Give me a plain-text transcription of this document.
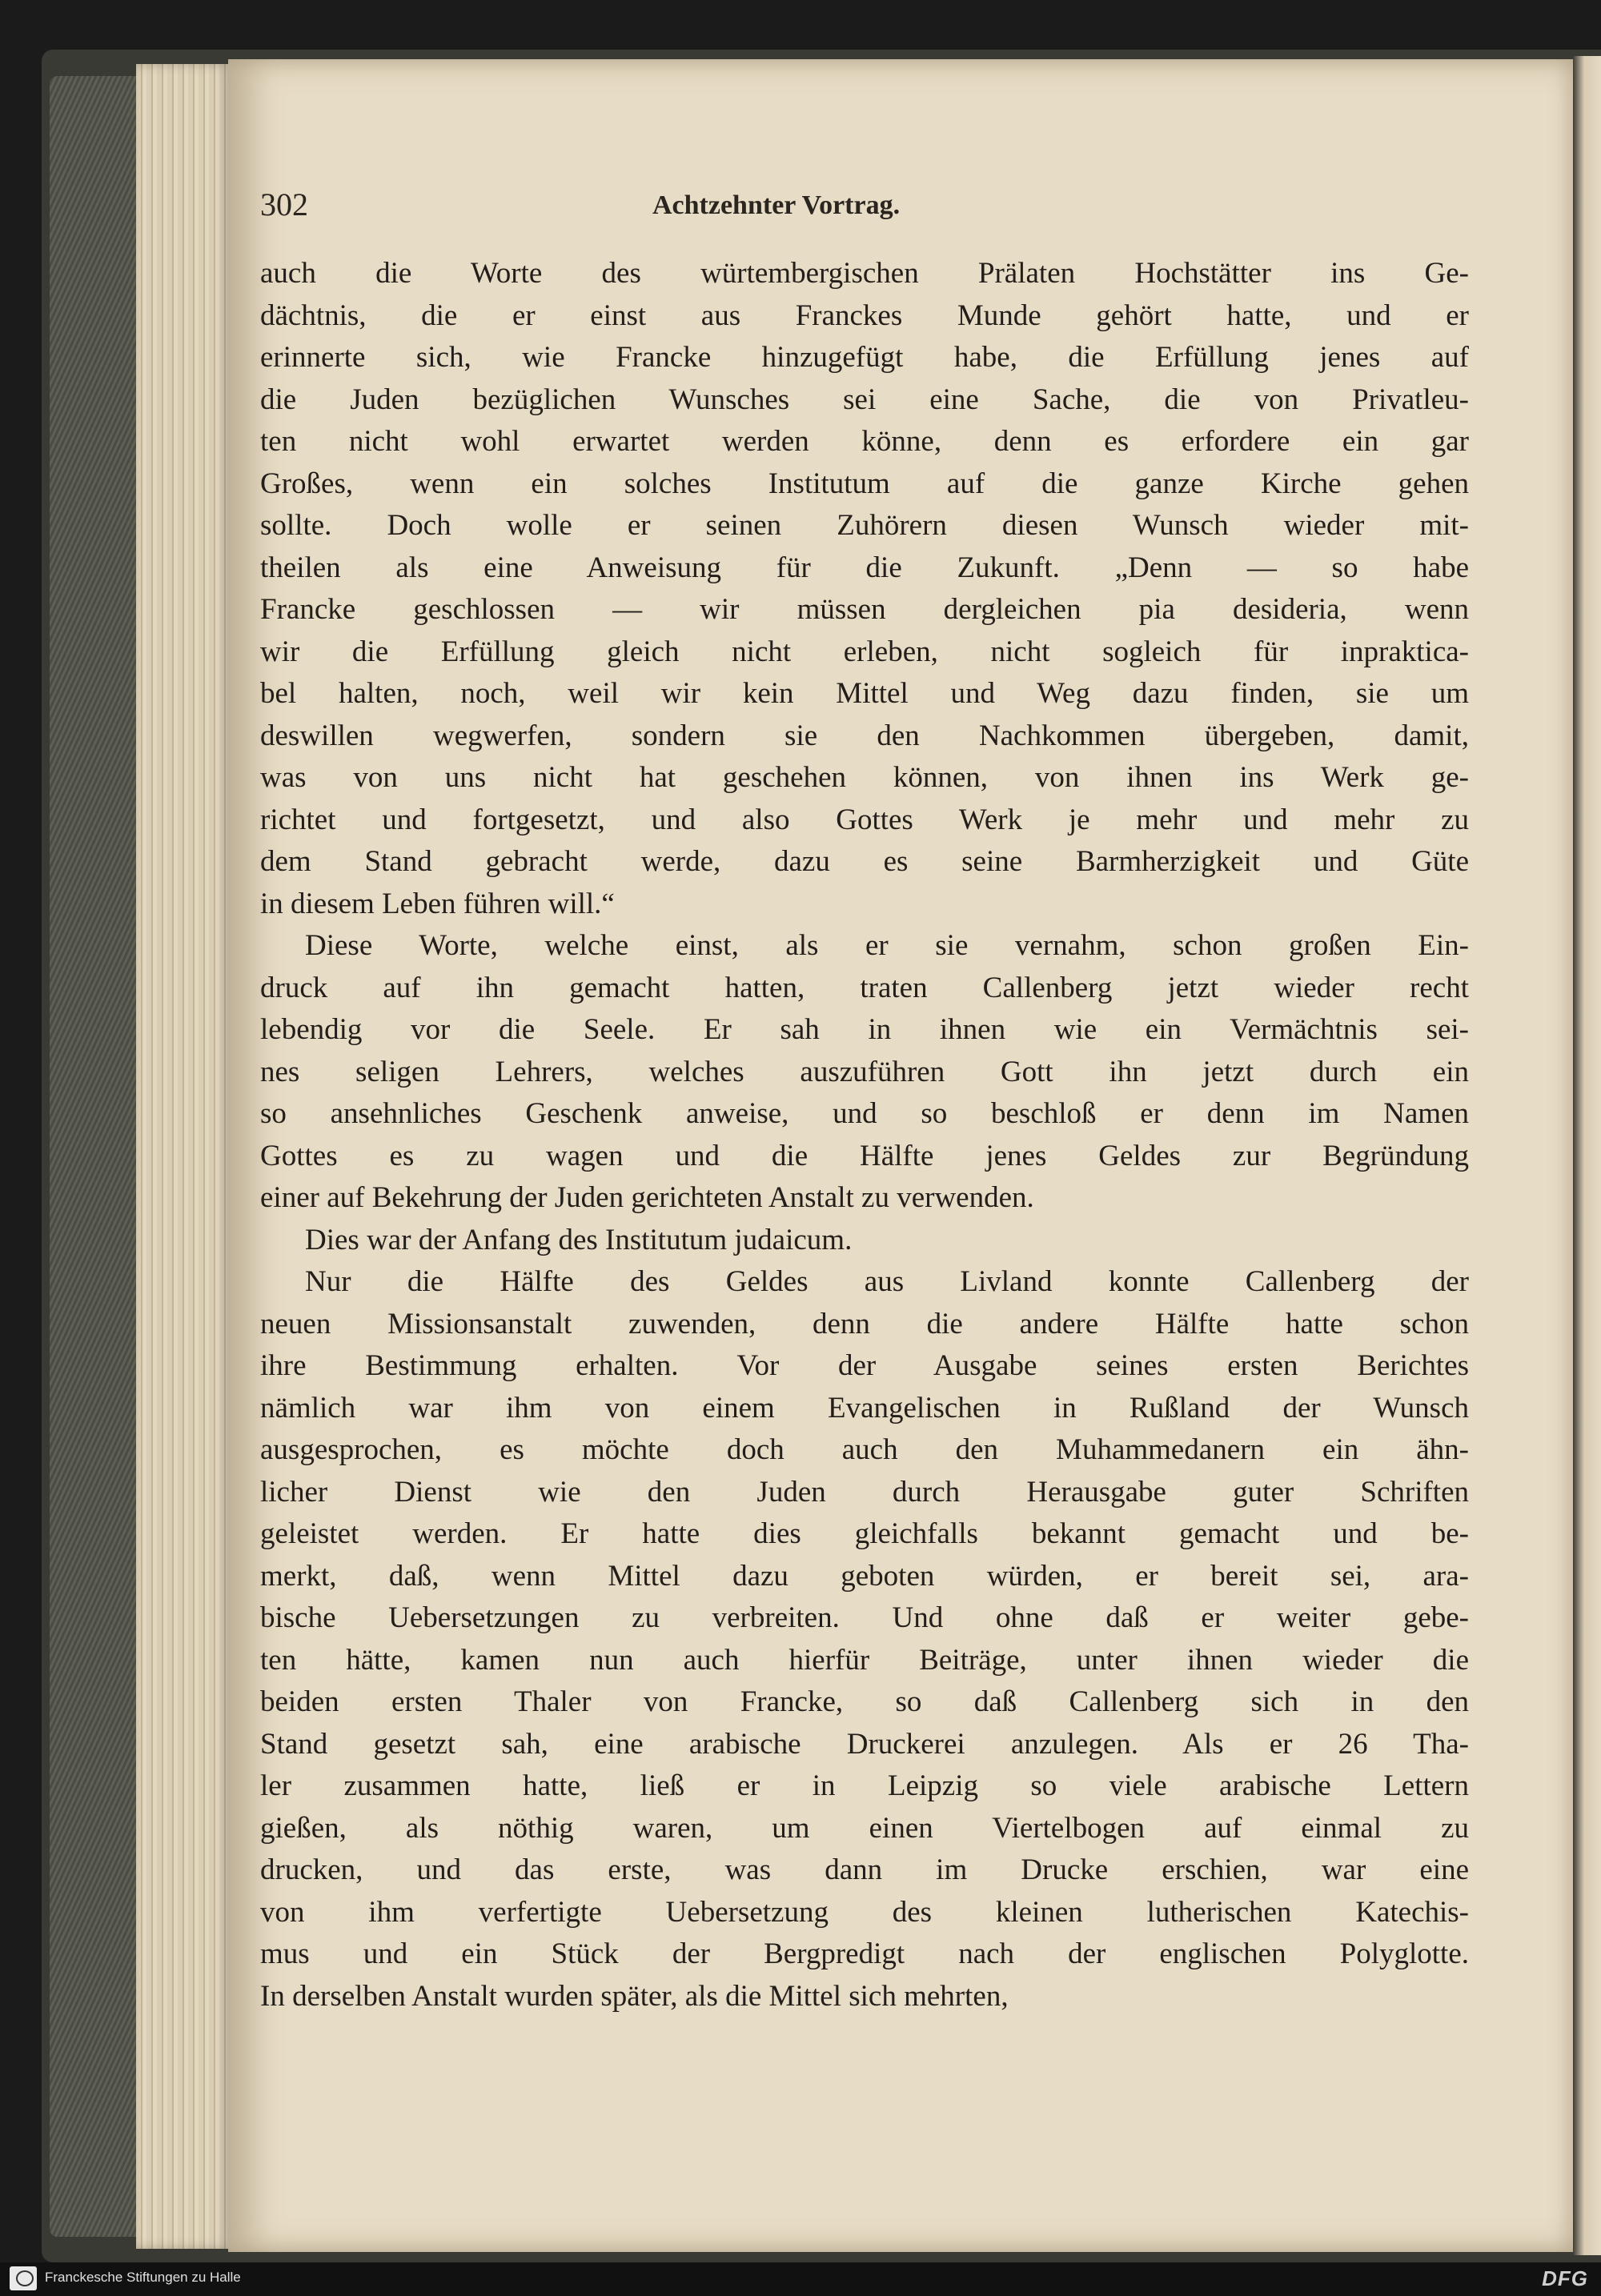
302	Achtzehnter Vortrag.
auch die Worte des würtembergischen Prälaten Hochstätter ins Ge-
dächtnis, die er einst aus Franckes Munde gehört hatte, und er
erinnerte sich, wie Francke hinzugefügt habe, die Erfüllung jenes auf
die Juden bezüglichen Wunsches sei eine Sache, die von Privatleu-
ten nicht wohl erwartet werden könne, denn es erfordere ein gar
Großes, wenn ein solches Institutum auf die ganze Kirche gehen
sollte. Doch wolle er seinen Zuhörern diesen Wunsch wieder mit-
theilen als eine Anweisung für die Zukunft. „Denn — so habe
Francke geschlossen — wir müssen dergleichen pia desideria, wenn
wir die Erfüllung gleich nicht erleben, nicht sogleich für inpraktica-
bel halten, noch, weil wir kein Mittel und Weg dazu finden, sie um
deswillen wegwerfen, sondern sie den Nachkommen übergeben, damit,
was von uns nicht hat geschehen können, von ihnen ins Werk ge-
richtet und fortgesetzt, und also Gottes Werk je mehr und mehr zu
dem Stand gebracht werde, dazu es seine Barmherzigkeit und Güte
in diesem Leben führen will.“
Diese Worte, welche einst, als er sie vernahm, schon großen Ein-
druck auf ihn gemacht hatten, traten Callenberg jetzt wieder recht
lebendig vor die Seele. Er sah in ihnen wie ein Vermächtnis sei-
nes seligen Lehrers, welches auszuführen Gott ihn jetzt durch ein
so ansehnliches Geschenk anweise, und so beschloß er denn im Namen
Gottes es zu wagen und die Hälfte jenes Geldes zur Begründung
einer auf Bekehrung der Juden gerichteten Anstalt zu verwenden.
Dies war der Anfang des Institutum judaicum.
Nur die Hälfte des Geldes aus Livland konnte Callenberg der
neuen Missionsanstalt zuwenden, denn die andere Hälfte hatte schon
ihre Bestimmung erhalten. Vor der Ausgabe seines ersten Berichtes
nämlich war ihm von einem Evangelischen in Rußland der Wunsch
ausgesprochen, es möchte doch auch den Muhammedanern ein ähn-
licher Dienst wie den Juden durch Herausgabe guter Schriften
geleistet werden. Er hatte dies gleichfalls bekannt gemacht und be-
merkt, daß, wenn Mittel dazu geboten würden, er bereit sei, ara-
bische Uebersetzungen zu verbreiten. Und ohne daß er weiter gebe-
ten hätte, kamen nun auch hierfür Beiträge, unter ihnen wieder die
beiden ersten Thaler von Francke, so daß Callenberg sich in den
Stand gesetzt sah, eine arabische Druckerei anzulegen. Als er 26 Tha-
ler zusammen hatte, ließ er in Leipzig so viele arabische Lettern
gießen, als nöthig waren, um einen Viertelbogen auf einmal zu
drucken, und das erste, was dann im Drucke erschien, war eine
von ihm verfertigte Uebersetzung des kleinen lutherischen Katechis-
mus und ein Stück der Bergpredigt nach der englischen Polyglotte.
In derselben Anstalt wurden später, als die Mittel sich mehrten,
Franckesche Stiftungen zu Halle	DFG
